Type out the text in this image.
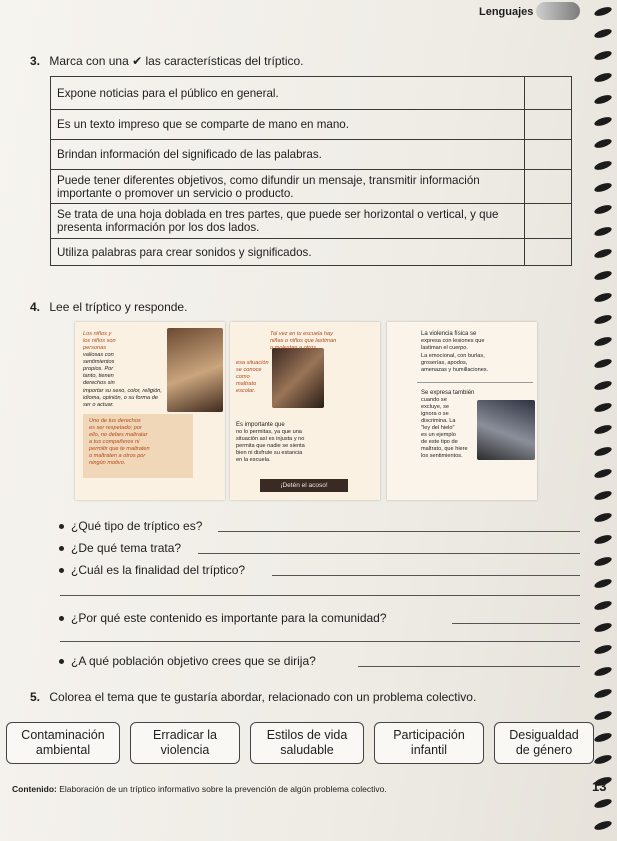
Lenguajes
3. Marca con una ✔ las características del tríptico.
Expone noticias para el público en general.	
Es un texto impreso que se comparte de mano en mano.	
Brindan información del significado de las palabras.	
Puede tener diferentes objetivos, como difundir un mensaje, transmitir información importante o promover un servicio o producto.	
Se trata de una hoja doblada en tres partes, que puede ser horizontal o vertical, y que presenta información por los dos lados.	
Utiliza palabras para crear sonidos y significados.	
4. Lee el tríptico y responde.
Los niños y
los niños son
personas
valiosas con
sentimientos
propios. Por
tanto, tienen
derechos sin
importar su sexo, color, religión,
idioma, opinión, o su forma de
ser o actuar.
Uno de tus derechos
es ser respetado; por
ello, no debes maltratar
a tus compañeros ni
permitir que te maltraten
o maltraten a otros por
ningún motivo.
Tal vez en tu escuela hay
niñas o niños que lastiman
o molestan a otros.
esa situación
se conoce
como
maltrato
escolar.
Es importante que
no lo permitas, ya que una
situación así es injusta y no
permita que nadie se sienta
bien ni disfrute su estancia
en la escuela.
¡Detén el acoso!
La violencia física se
expresa con lesiones que
lastiman el cuerpo.
La emocional, con burlas,
groserías, apodos,
amenazas y humillaciones.
Se expresa también
cuando se
excluye, se
ignora o se
discrimina. La
"ley del hielo"
es un ejemplo
de este tipo de
maltrato, que hiere
los sentimientos.
¿Qué tipo de tríptico es?
¿De qué tema trata?
¿Cuál es la finalidad del tríptico?
¿Por qué este contenido es importante para la comunidad?
¿A qué población objetivo crees que se dirija?
5. Colorea el tema que te gustaría abordar, relacionado con un problema colectivo.
Contaminación
ambiental
Erradicar la
violencia
Estilos de vida
saludable
Participación
infantil
Desigualdad
de género
Contenido: Elaboración de un tríptico informativo sobre la prevención de algún problema colectivo.	13
